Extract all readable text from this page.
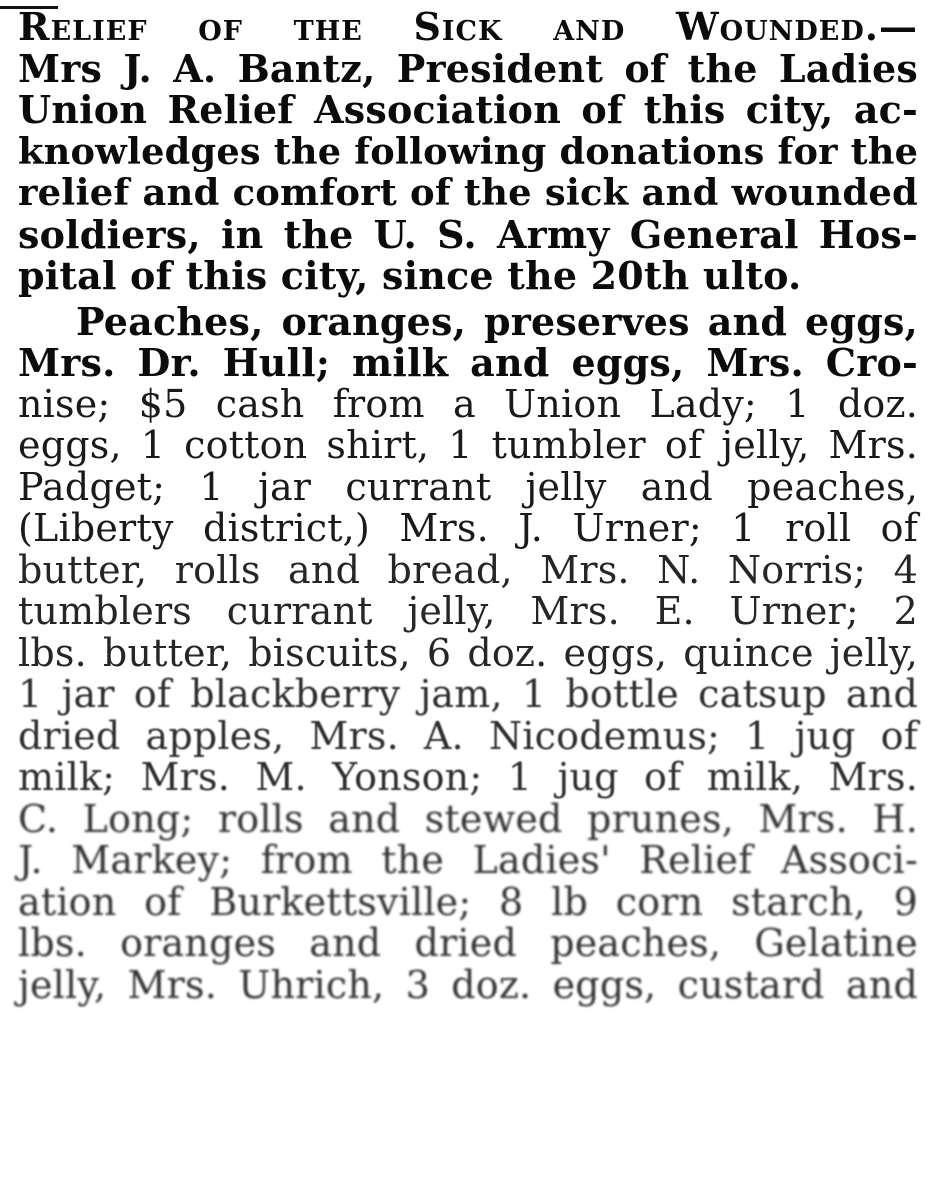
Relief of the Sick and Wounded.—
Mrs J. A. Bantz, President of the Ladies
Union Relief Association of this city, ac-
knowledges the following donations for the
relief and comfort of the sick and wounded
soldiers, in the U. S. Army General Hos-
pital of this city, since the 20th ulto.
Peaches, oranges, preserves and eggs,
Mrs. Dr. Hull; milk and eggs, Mrs. Cro-
nise; $5 cash from a Union Lady; 1 doz.
eggs, 1 cotton shirt, 1 tumbler of jelly, Mrs.
Padget; 1 jar currant jelly and peaches,
(Liberty district,) Mrs. J. Urner; 1 roll of
butter, rolls and bread, Mrs. N. Norris; 4
tumblers currant jelly, Mrs. E. Urner; 2
lbs. butter, biscuits, 6 doz. eggs, quince jelly,
1 jar of blackberry jam, 1 bottle catsup and
dried apples, Mrs. A. Nicodemus; 1 jug of
milk; Mrs. M. Yonson; 1 jug of milk, Mrs.
C. Long; rolls and stewed prunes, Mrs. H.
J. Markey; from the Ladies' Relief Associ-
ation of Burkettsville; 8 lb corn starch, 9
lbs. oranges and dried peaches, Gelatine
jelly, Mrs. Uhrich, 3 doz. eggs, custard and
